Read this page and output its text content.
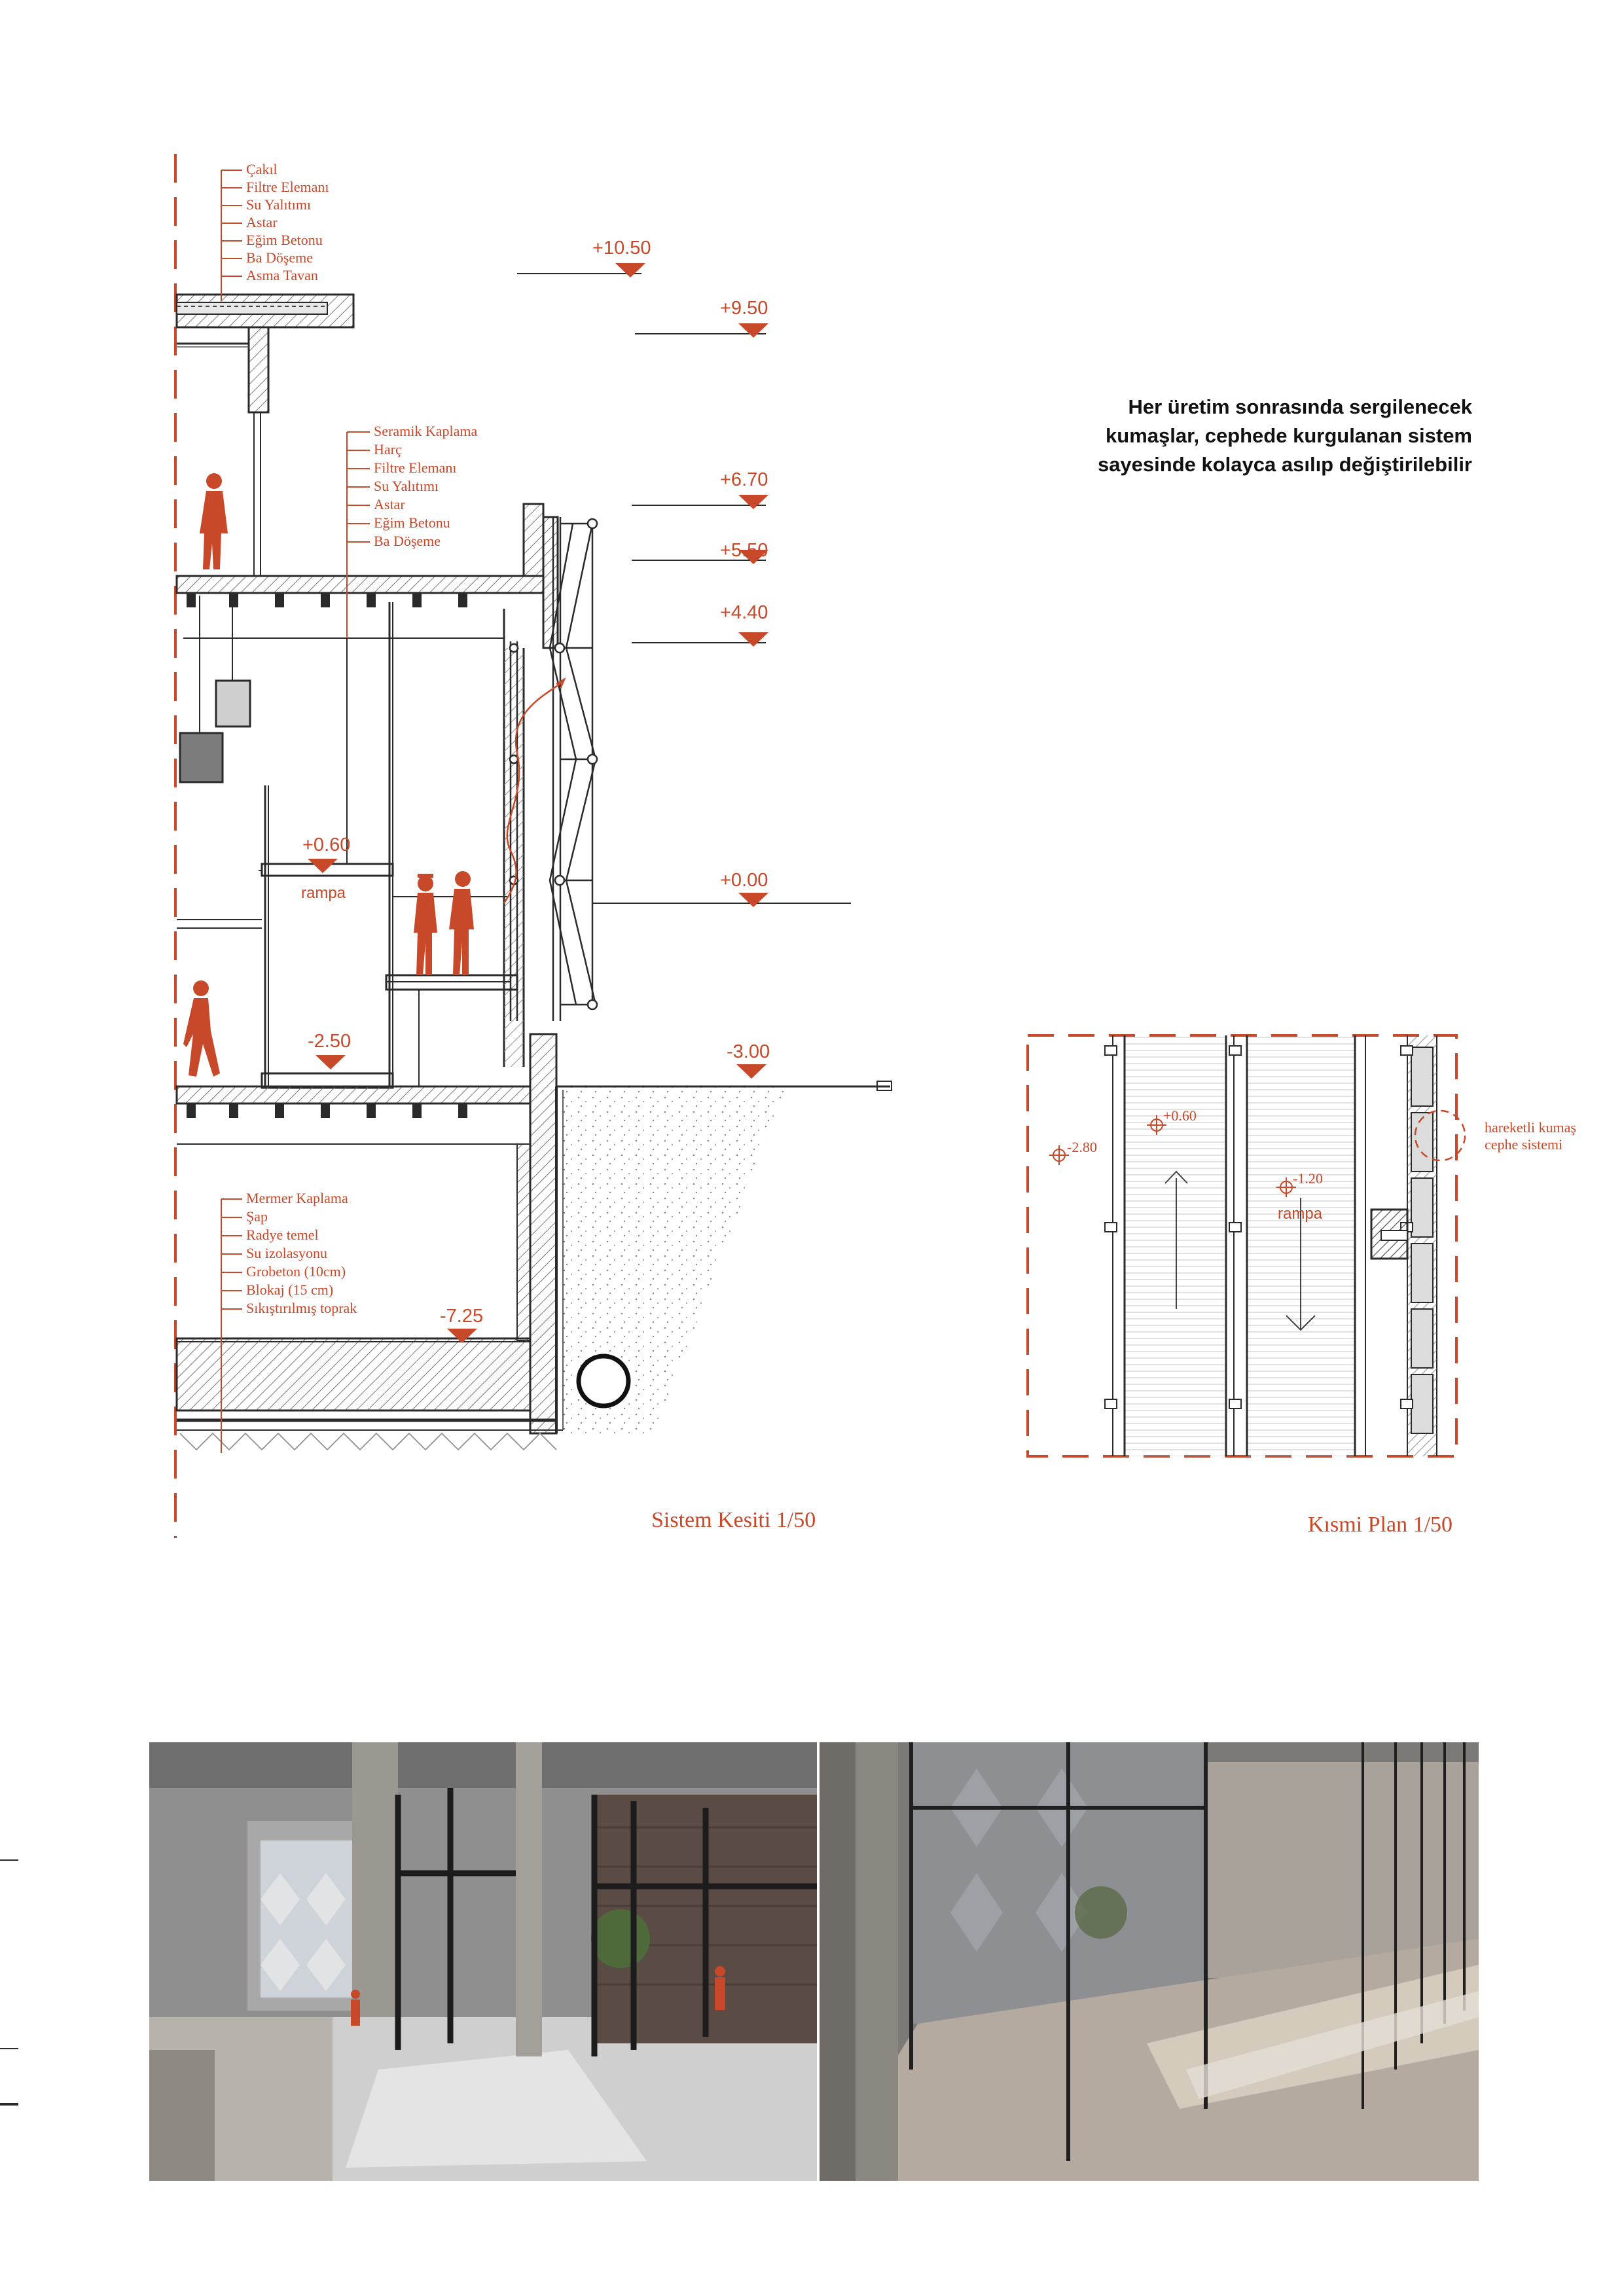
Çakıl
Filtre Elemanı
Su Yalıtımı
Astar
Eğim Betonu
Ba Döşeme
Asma Tavan
Seramik Kaplama
Harç
Filtre Elemanı
Su Yalıtımı
Astar
Eğim Betonu
Ba Döşeme
Mermer Kaplama
Şap
Radye temel
Su izolasyonu
Grobeton (10cm)
Blokaj (15 cm)
Sıkıştırılmış toprak
+10.50
+9.50
+6.70
+5.50
+4.40
+0.00
+0.60
rampa
-2.50	-3.00
-7.25
Sistem Kesiti 1/50
-2.80
+0.60
-1.20
rampa
hareketli kumaş
cephe sistemi
Kısmi Plan 1/50
Her üretim sonrasında sergilenecek
kumaşlar, cephede kurgulanan sistem
sayesinde kolayca asılıp değiştirilebilir
